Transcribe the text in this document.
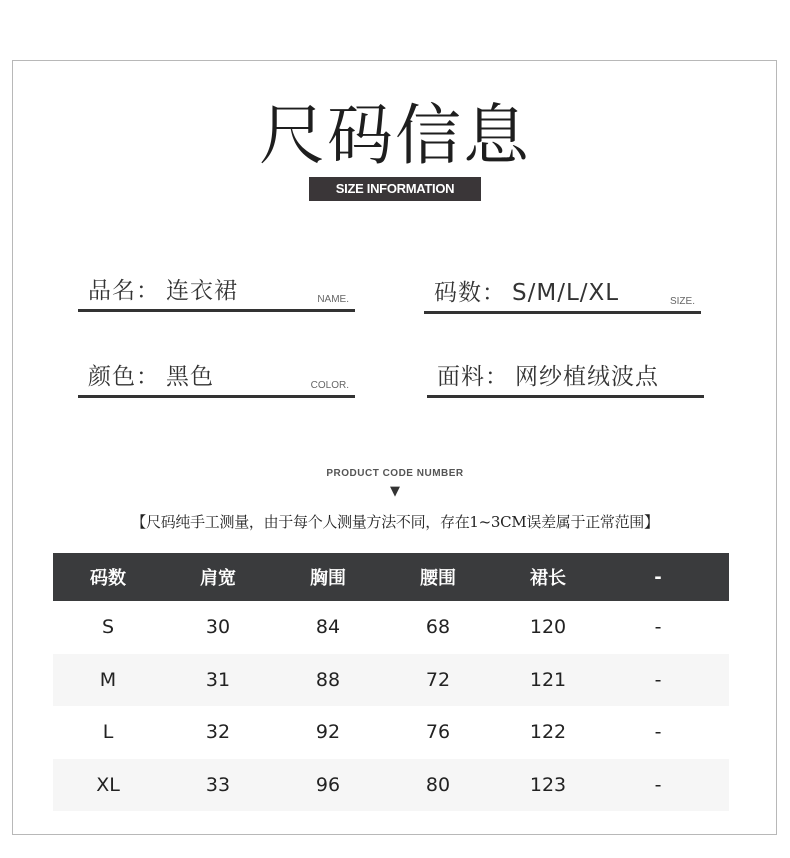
尺码信息
SIZE INFORMATION
品名： 连衣裙	NAME.	码数： S/M/L/XL	SIZE.
颜色： 黑色	COLOR.	面料： 网纱植绒波点
PRODUCT CODE NUMBER
▼
【尺码纯手工测量，由于每个人测量方法不同，存在1~3CM误差属于正常范围】
码数	肩宽	胸围	腰围	裙长	-
S	30	84	68	120	-
M	31	88	72	121	-
L	32	92	76	122	-
XL	33	96	80	123	-
